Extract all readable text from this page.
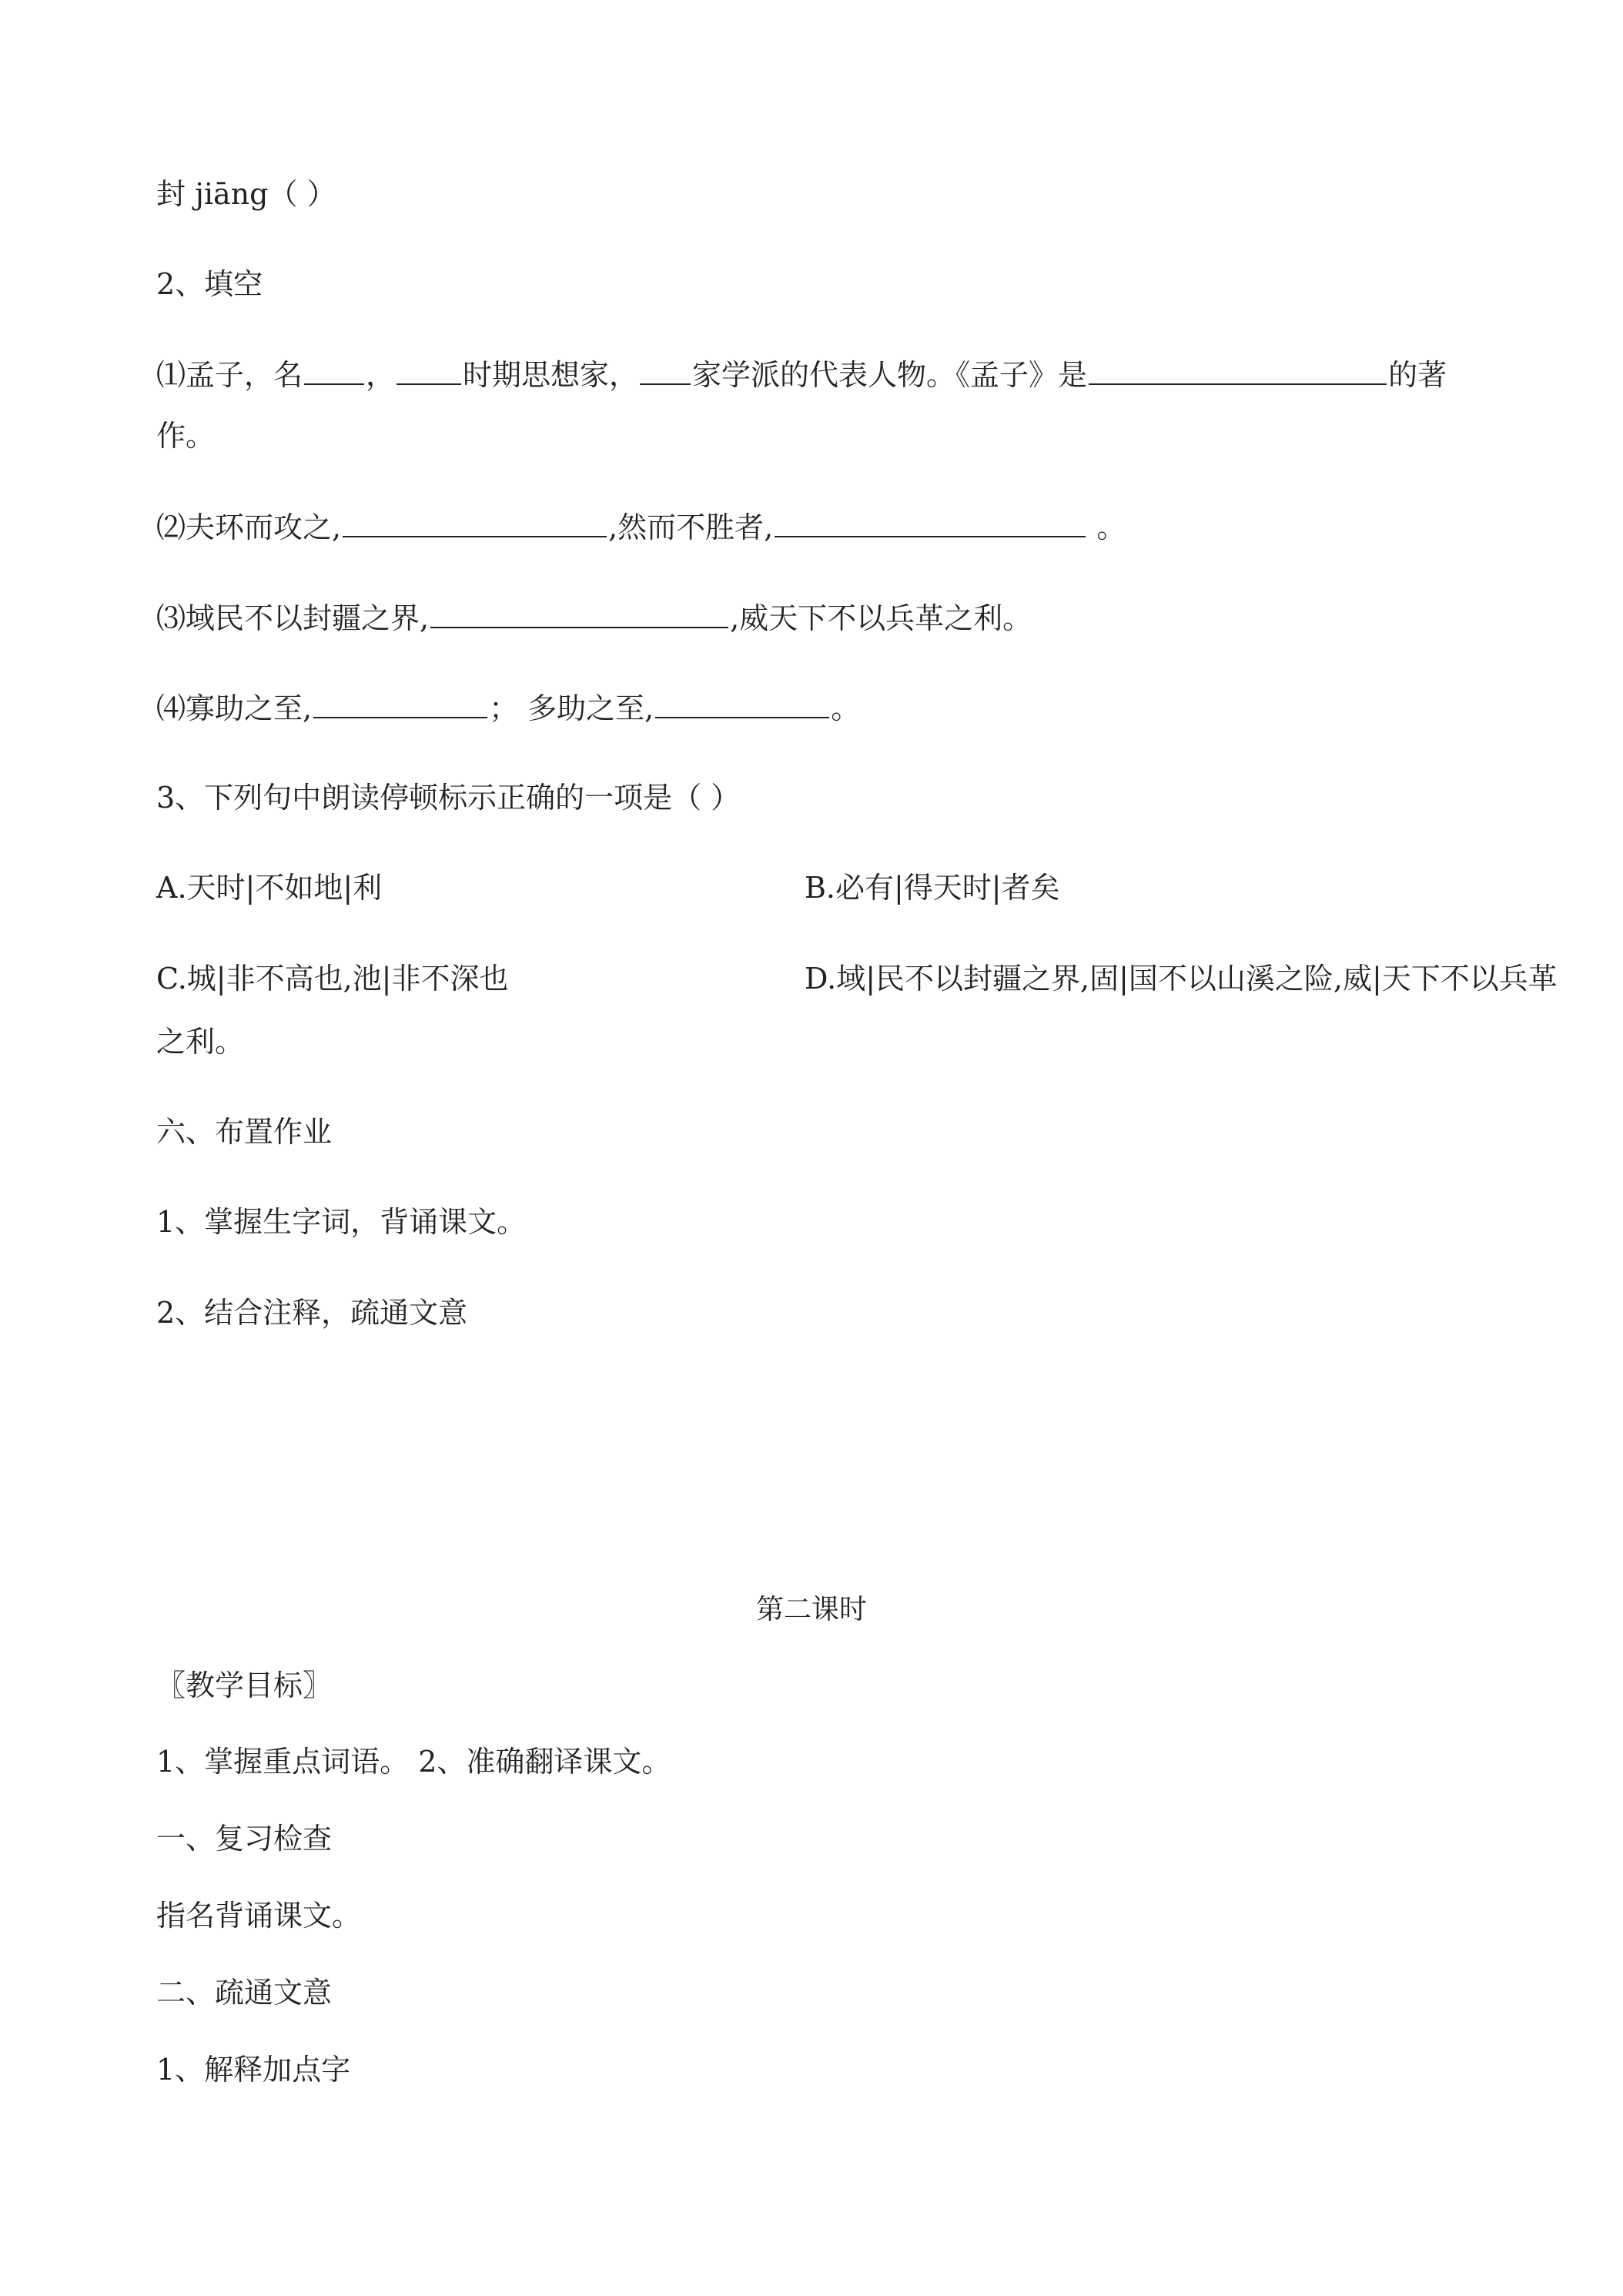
封 jiāng（ ）

2、填空

⑴孟子，名 ， 时期思想家， 家学派的代表人物。《孟子》是	的著

作。

⑵夫环而攻之,	,然而不胜者,	。

⑶域民不以封疆之界,	,威天下不以兵革之利。

⑷寡助之至,	； 多助之至,	。

3、下列句中朗读停顿标示正确的一项是（ ）

A.天时|不如地|利	B.必有|得天时|者矣

C.城|非不高也,池|非不深也	D.域|民不以封疆之界,固|国不以山溪之险,威|天下不以兵革

之利。

六、布置作业

1、掌握生字词，背诵课文。

2、结合注释，疏通文意

第二课时

〖教学目标〗

1、掌握重点词语。 2、准确翻译课文。

一、复习检查

指名背诵课文。

二、疏通文意

1、解释加点字
